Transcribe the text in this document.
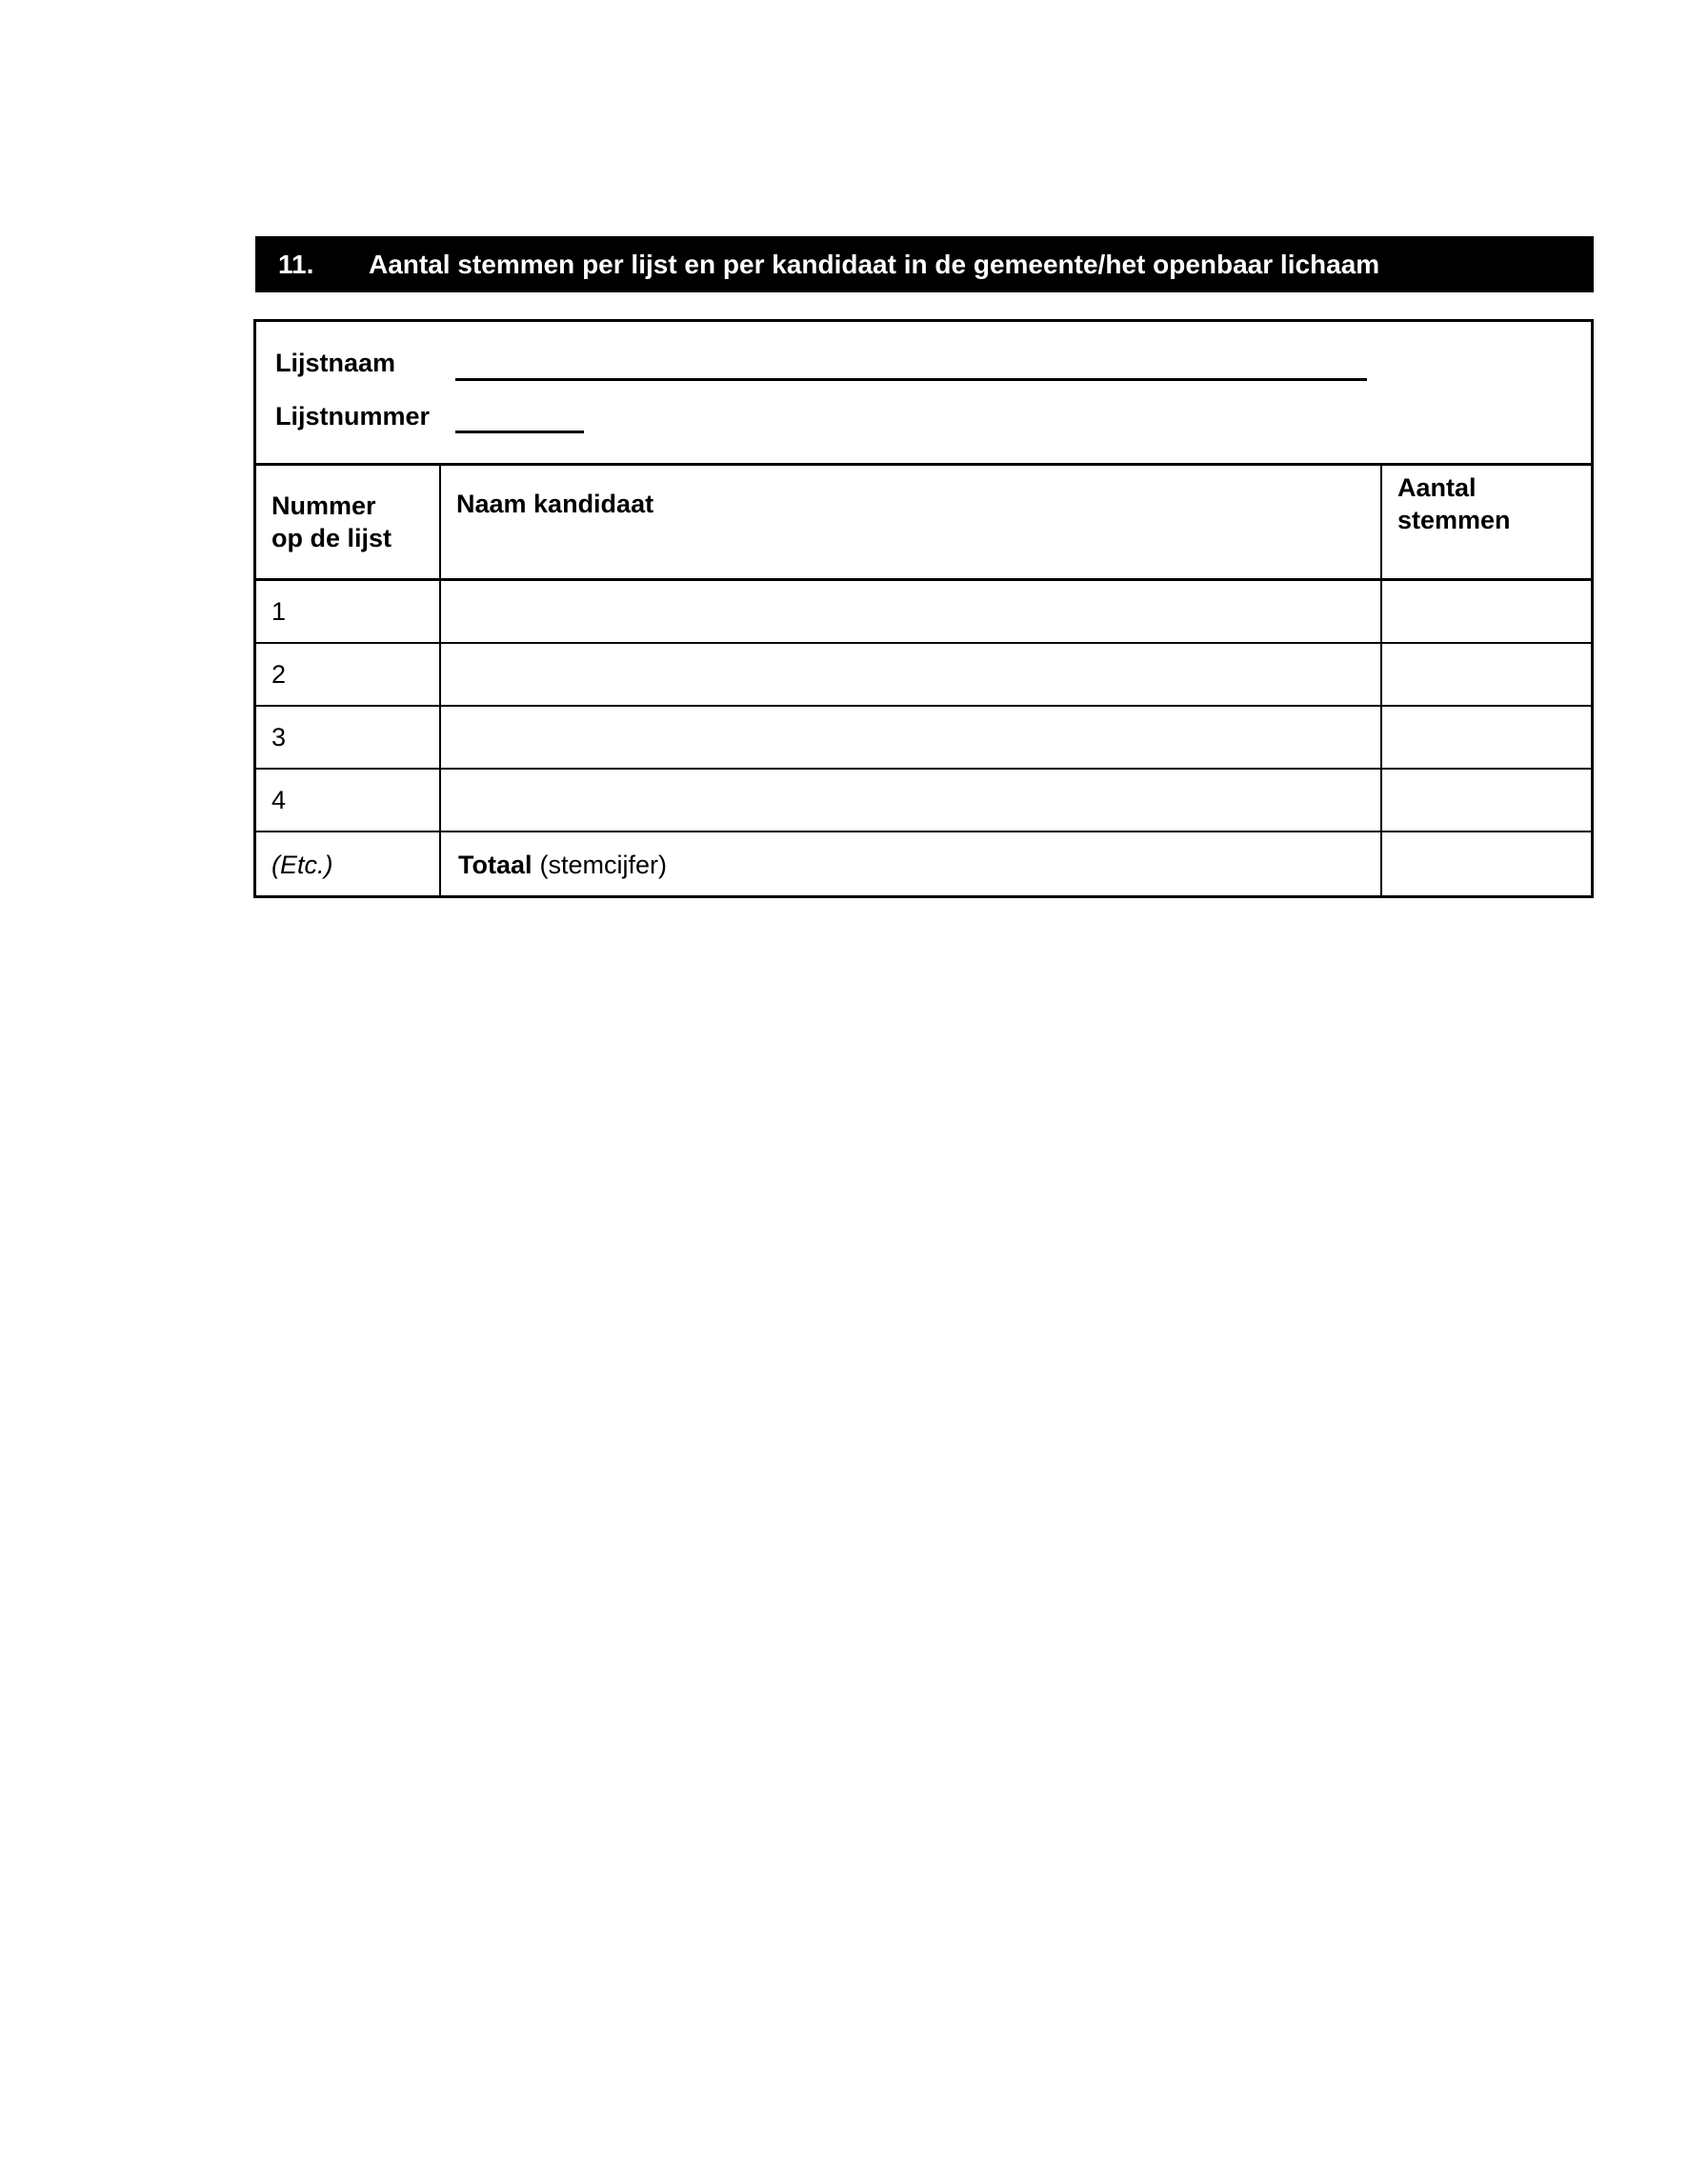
11.	Aantal stemmen per lijst en per kandidaat in de gemeente/het openbaar lichaam
Lijstnaam
Lijstnummer
Nummer op de lijst	Naam kandidaat	Aantal stemmen
1		
2		
3		
4		
(Etc.)	Totaal (stemcijfer)	
